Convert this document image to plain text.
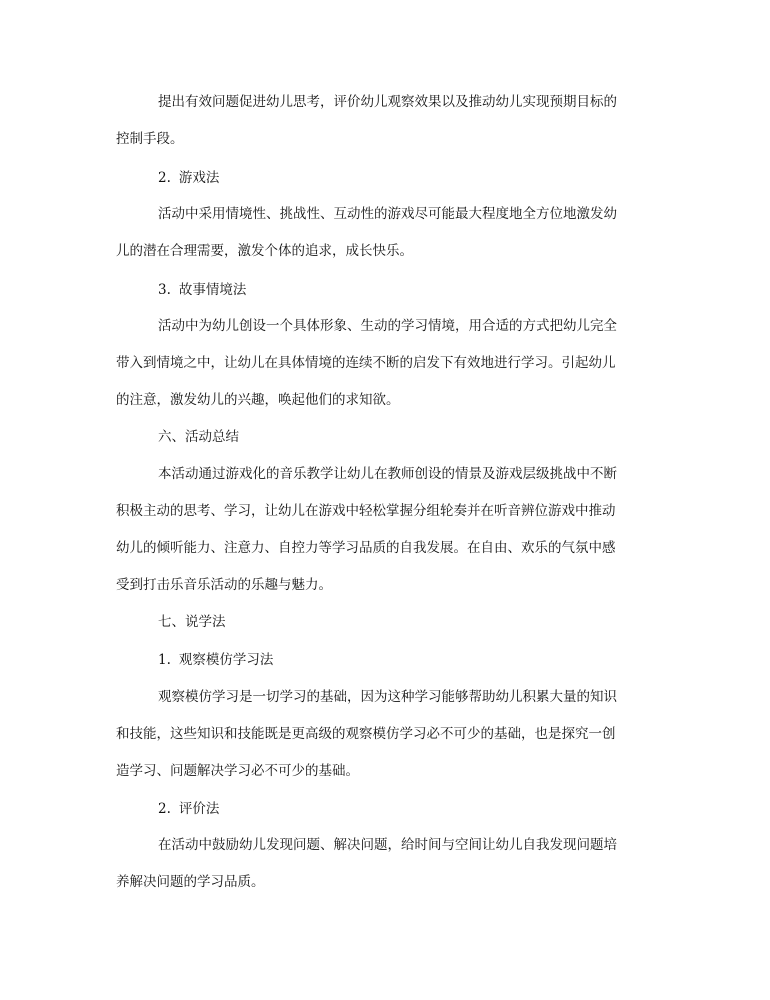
提出有效问题促进幼儿思考，评价幼儿观察效果以及推动幼儿实现预期目标的
控制手段。
2. 游戏法
活动中采用情境性、挑战性、互动性的游戏尽可能最大程度地全方位地激发幼
儿的潜在合理需要，激发个体的追求，成长快乐。
3. 故事情境法
活动中为幼儿创设一个具体形象、生动的学习情境，用合适的方式把幼儿完全
带入到情境之中，让幼儿在具体情境的连续不断的启发下有效地进行学习。引起幼儿
的注意，激发幼儿的兴趣，唤起他们的求知欲。
六、活动总结
本活动通过游戏化的音乐教学让幼儿在教师创设的情景及游戏层级挑战中不断
积极主动的思考、学习，让幼儿在游戏中轻松掌握分组轮奏并在听音辨位游戏中推动
幼儿的倾听能力、注意力、自控力等学习品质的自我发展。在自由、欢乐的气氛中感
受到打击乐音乐活动的乐趣与魅力。
七、说学法
1. 观察模仿学习法
观察模仿学习是一切学习的基础，因为这种学习能够帮助幼儿积累大量的知识
和技能，这些知识和技能既是更高级的观察模仿学习必不可少的基础，也是探究一创
造学习、问题解决学习必不可少的基础。
2. 评价法
在活动中鼓励幼儿发现问题、解决问题，给时间与空间让幼儿自我发现问题培
养解决问题的学习品质。
